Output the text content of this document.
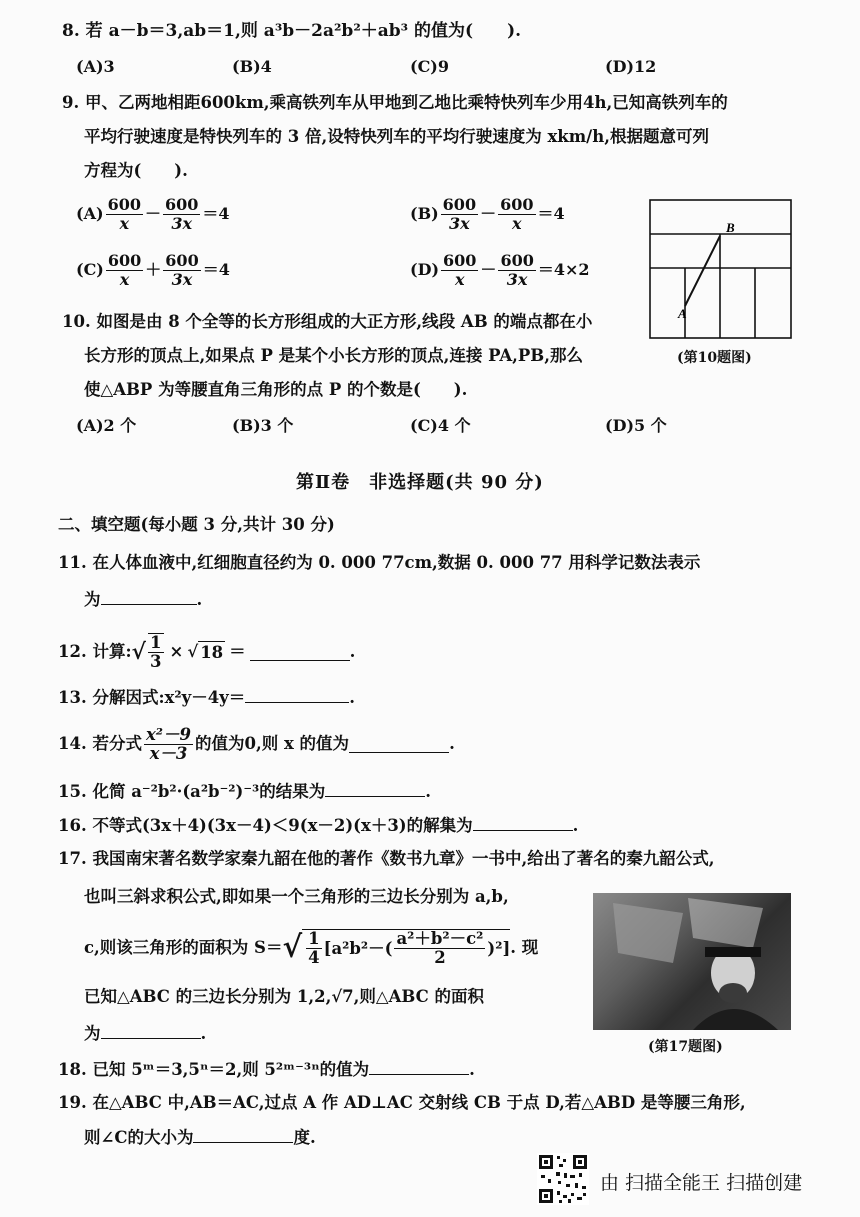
8. 若 a－b＝3,ab＝1,则 a³b－2a²b²＋ab³ 的值为(　　).
(A)3	(B)4	(C)9	(D)12
9. 甲、乙两地相距600km,乘高铁列车从甲地到乙地比乘特快列车少用4h,已知高铁列车的
平均行驶速度是特快列车的 3 倍,设特快列车的平均行驶速度为 xkm/h,根据题意可列
方程为(　　).
$(A) \frac{600}{x} - \frac{600}{3x} =4$	$(B) \frac{600}{3x} - \frac{600}{x} =4$
$(C) \frac{600}{x} + \frac{600}{3x} =4$	$(D) \frac{600}{x} - \frac{600}{3x} =4\times 2$
B
A
(第10题图)
10. 如图是由 8 个全等的长方形组成的大正方形,线段 AB 的端点都在小
长方形的顶点上,如果点 P 是某个小长方形的顶点,连接 PA,PB,那么
使△ABP 为等腰直角三角形的点 P 的个数是(　　).
(A)2 个	(B)3 个	(C)4 个	(D)5 个
第Ⅱ卷　非选择题(共 90 分)
二、填空题(每小题 3 分,共计 30 分)
11. 在人体血液中,红细胞直径约为 0. 000 77cm,数据 0. 000 77 用科学记数法表示
为	.
12. 计算: √ $\frac{1}{3}$ × √ 18 ＝	.
13. 分解因式:x²y－4y＝	.
14. 若分式 $\frac{\text{x²－9}}{x-3}$ 的值为0,则 x 的值为	.
15. 化简 a⁻²b²·(a²b⁻²)⁻³的结果为	.
16. 不等式(3x＋4)(3x－4)＜9(x－2)(x＋3)的解集为	.
17. 我国南宋著名数学家秦九韶在他的著作《数书九章》一书中,给出了著名的秦九韶公式,
也叫三斜求积公式,即如果一个三角形的三边长分别为 a,b,
c,则该三角形的面积为 S＝ √ $\frac{1}{4} [a^2b^2-( \frac{\text{a²＋b²－c²}}{2} )^2]$ . 现
已知△ABC 的三边长分别为 1,2,√7,则△ABC 的面积
为	.
(第17题图)
18. 已知 5ᵐ＝3,5ⁿ＝2,则 5²ᵐ⁻³ⁿ的值为	.
19. 在△ABC 中,AB＝AC,过点 A 作 AD⊥AC 交射线 CB 于点 D,若△ABD 是等腰三角形,
则∠C的大小为	度.
由 扫描全能王 扫描创建
